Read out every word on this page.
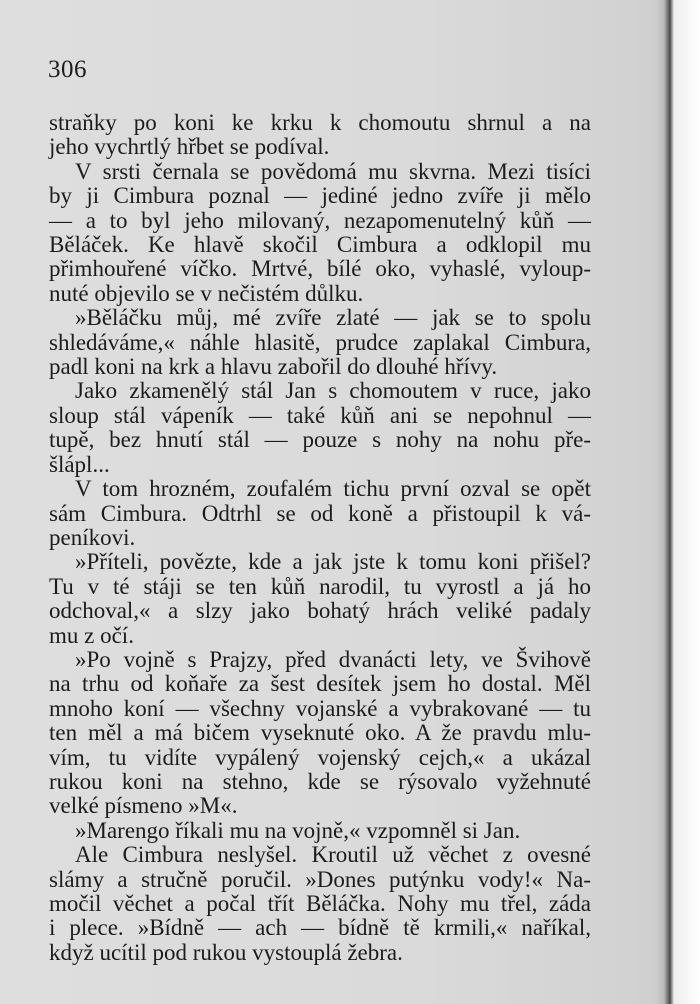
306
straňky po koni ke krku k chomoutu shrnul a na
jeho vychrtlý hřbet se podíval.
V srsti černala se povědomá mu skvrna. Mezi tisíci
by ji Cimbura poznal — jediné jedno zvíře ji mělo
— a to byl jeho milovaný, nezapomenutelný kůň —
Běláček. Ke hlavě skočil Cimbura a odklopil mu
přimhouřené víčko. Mrtvé, bílé oko, vyhaslé, vyloup-
nuté objevilo se v nečistém důlku.
»Běláčku můj, mé zvíře zlaté — jak se to spolu
shledáváme,« náhle hlasitě, prudce zaplakal Cimbura,
padl koni na krk a hlavu zabořil do dlouhé hřívy.
Jako zkamenělý stál Jan s chomoutem v ruce, jako
sloup stál vápeník — také kůň ani se nepohnul —
tupě, bez hnutí stál — pouze s nohy na nohu pře-
šlápl...
V tom hrozném, zoufalém tichu první ozval se opět
sám Cimbura. Odtrhl se od koně a přistoupil k vá-
peníkovi.
»Příteli, povězte, kde a jak jste k tomu koni přišel?
Tu v té stáji se ten kůň narodil, tu vyrostl a já ho
odchoval,« a slzy jako bohatý hrách veliké padaly
mu z očí.
»Po vojně s Prajzy, před dvanácti lety, ve Švihově
na trhu od koňaře za šest desítek jsem ho dostal. Měl
mnoho koní — všechny vojanské a vybrakované — tu
ten měl a má bičem vyseknuté oko. A že pravdu mlu-
vím, tu vidíte vypálený vojenský cejch,« a ukázal
rukou koni na stehno, kde se rýsovalo vyžehnuté
velké písmeno »M«.
»Marengo říkali mu na vojně,« vzpomněl si Jan.
Ale Cimbura neslyšel. Kroutil už věchet z ovesné
slámy a stručně poručil. »Dones putýnku vody!« Na-
močil věchet a počal třít Běláčka. Nohy mu třel, záda
i plece. »Bídně — ach — bídně tě krmili,« naříkal,
když ucítil pod rukou vystouplá žebra.
